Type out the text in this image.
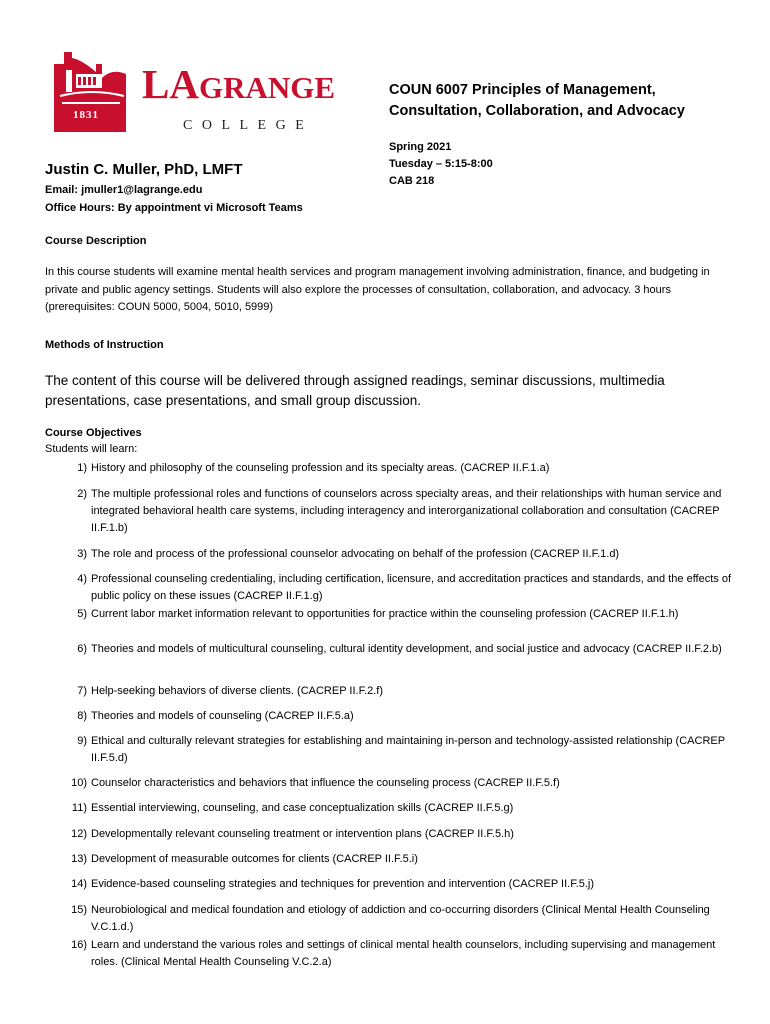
1831
LAGRANGE
COLLEGE
COUN 6007 Principles of Management, Consultation, Collaboration, and Advocacy
Spring 2021
Tuesday – 5:15-8:00
CAB 218
Justin C. Muller, PhD, LMFT
Email: jmuller1@lagrange.edu
Office Hours: By appointment vi Microsoft Teams
Course Description
In this course students will examine mental health services and program management involving administration, finance, and budgeting in private and public agency settings. Students will also explore the processes of consultation, collaboration, and advocacy. 3 hours (prerequisites: COUN 5000, 5004, 5010, 5999)
Methods of Instruction
The content of this course will be delivered through assigned readings, seminar discussions, multimedia presentations, case presentations, and small group discussion.
Course Objectives
Students will learn:
1) History and philosophy of the counseling profession and its specialty areas. (CACREP II.F.1.a)
2) The multiple professional roles and functions of counselors across specialty areas, and their relationships with human service and integrated behavioral health care systems, including interagency and interorganizational collaboration and consultation (CACREP II.F.1.b)
3) The role and process of the professional counselor advocating on behalf of the profession (CACREP II.F.1.d)
4) Professional counseling credentialing, including certification, licensure, and accreditation practices and standards, and the effects of public policy on these issues (CACREP II.F.1.g)
5) Current labor market information relevant to opportunities for practice within the counseling profession (CACREP II.F.1.h)
6) Theories and models of multicultural counseling, cultural identity development, and social justice and advocacy (CACREP II.F.2.b)
7) Help-seeking behaviors of diverse clients. (CACREP II.F.2.f)
8) Theories and models of counseling (CACREP II.F.5.a)
9) Ethical and culturally relevant strategies for establishing and maintaining in-person and technology-assisted relationship (CACREP II.F.5.d)
10) Counselor characteristics and behaviors that influence the counseling process (CACREP II.F.5.f)
11) Essential interviewing, counseling, and case conceptualization skills (CACREP II.F.5.g)
12) Developmentally relevant counseling treatment or intervention plans (CACREP II.F.5.h)
13) Development of measurable outcomes for clients (CACREP II.F.5.i)
14) Evidence-based counseling strategies and techniques for prevention and intervention (CACREP II.F.5.j)
15) Neurobiological and medical foundation and etiology of addiction and co-occurring disorders (Clinical Mental Health Counseling V.C.1.d.)
16) Learn and understand the various roles and settings of clinical mental health counselors, including supervising and management roles. (Clinical Mental Health Counseling V.C.2.a)
